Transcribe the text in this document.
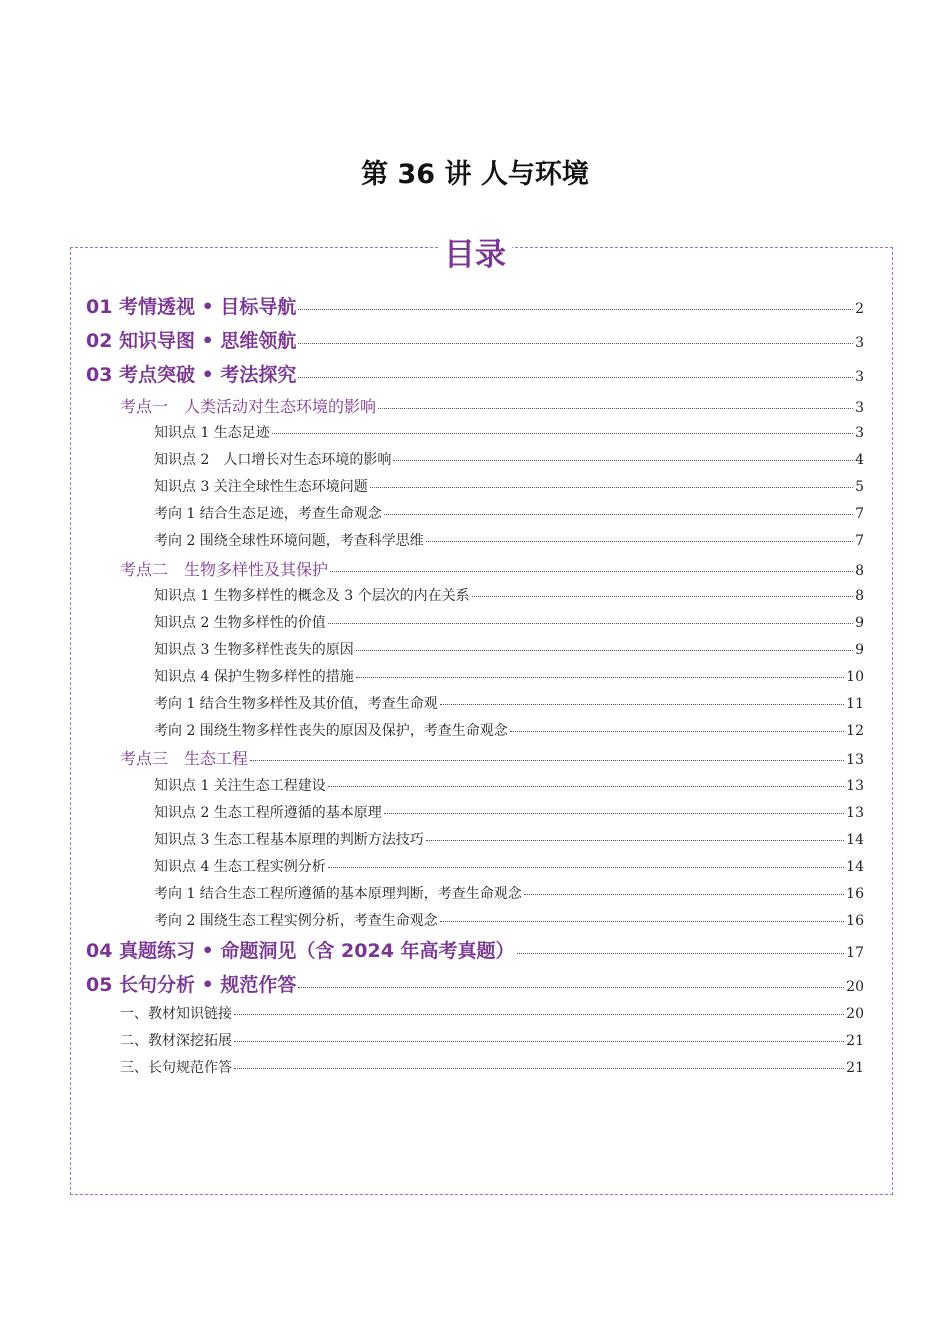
第 36 讲 人与环境
目录
01 考情透视 • 目标导航	2
02 知识导图 • 思维领航	3
03 考点突破 • 考法探究	3
考点一　人类活动对生态环境的影响	3
知识点 1 生态足迹	3
知识点 2　人口增长对生态环境的影响	4
知识点 3 关注全球性生态环境问题	5
考向 1 结合生态足迹，考查生命观念	7
考向 2 围绕全球性环境问题，考查科学思维	7
考点二　生物多样性及其保护	8
知识点 1 生物多样性的概念及 3 个层次的内在关系	8
知识点 2 生物多样性的价值	9
知识点 3 生物多样性丧失的原因	9
知识点 4 保护生物多样性的措施	10
考向 1 结合生物多样性及其价值，考查生命观	11
考向 2 围绕生物多样性丧失的原因及保护，考查生命观念	12
考点三　生态工程	13
知识点 1 关注生态工程建设	13
知识点 2 生态工程所遵循的基本原理	13
知识点 3 生态工程基本原理的判断方法技巧	14
知识点 4 生态工程实例分析	14
考向 1 结合生态工程所遵循的基本原理判断，考查生命观念	16
考向 2 围绕生态工程实例分析，考查生命观念	16
04 真题练习 • 命题洞见（含 2024 年高考真题）	17
05 长句分析 • 规范作答	20
一、教材知识链接	20
二、教材深挖拓展	21
三、长句规范作答	21
